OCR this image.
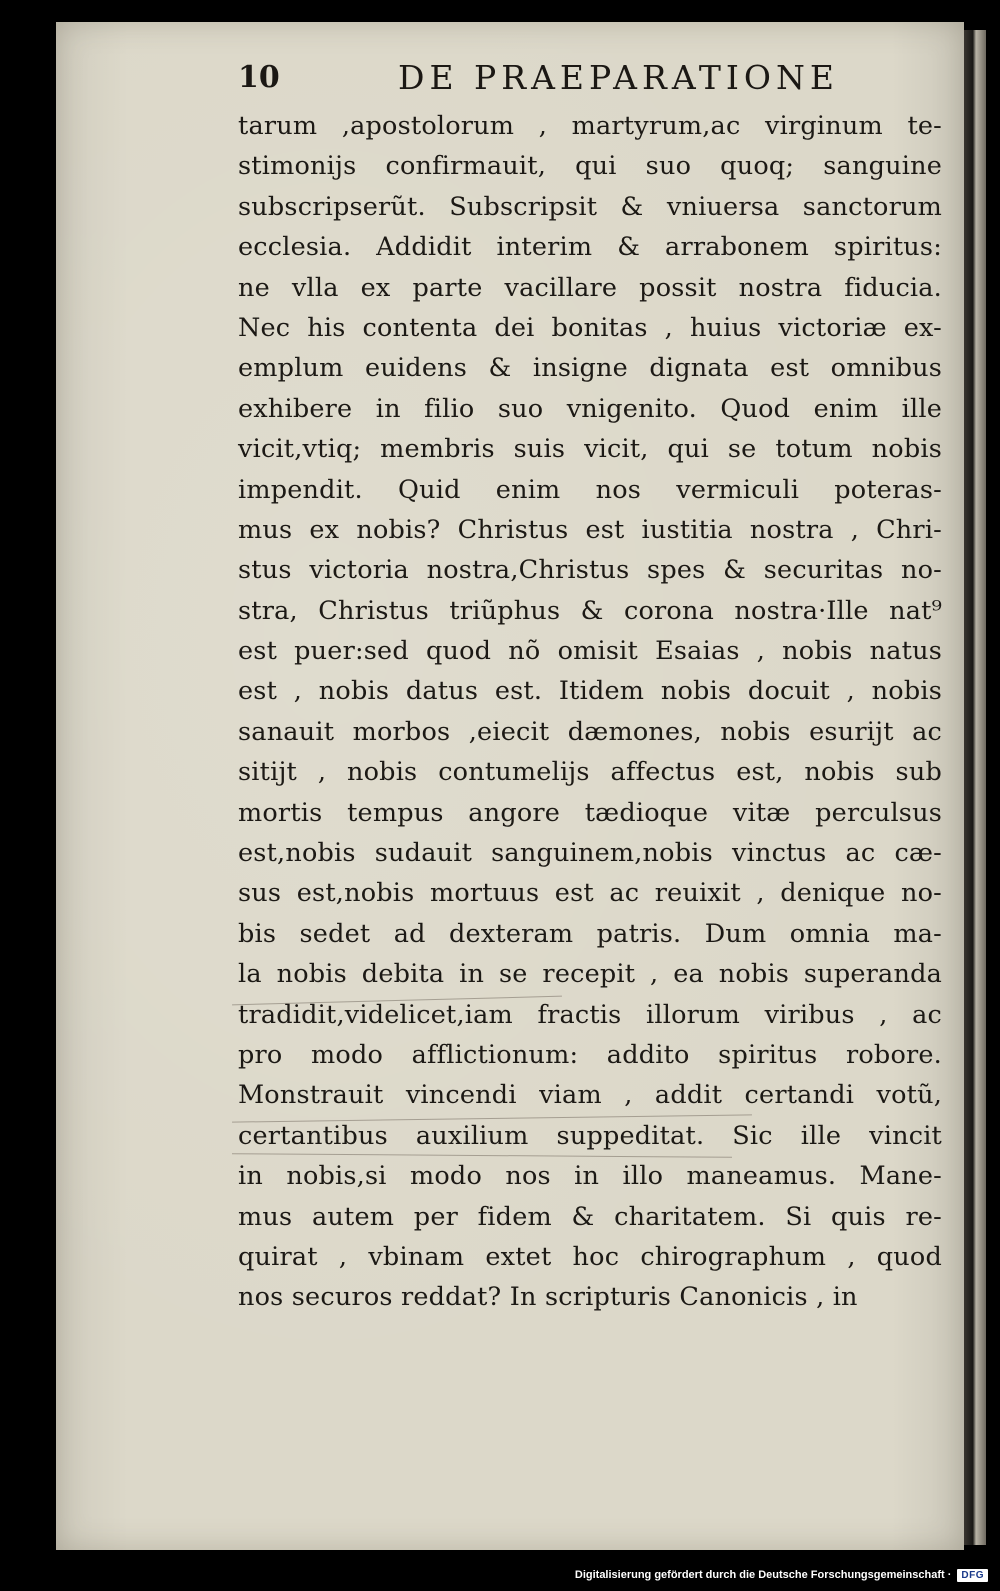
10	DE PRAEPARATIONE
tarum ,apostolorum , martyrum,ac virginum te-
stimonijs confirmauit, qui suo quoq; sanguine
subscripserũt. Subscripsit & vniuersa sanctorum
ecclesia. Addidit interim & arrabonem spiritus:
ne vlla ex parte vacillare possit nostra fiducia.
Nec his contenta dei bonitas , huius victoriæ ex-
emplum euidens & insigne dignata est omnibus
exhibere in filio suo vnigenito. Quod enim ille
vicit,vtiq; membris suis vicit, qui se totum nobis
impendit. Quid enim nos vermiculi poteras-
mus ex nobis? Christus est iustitia nostra , Chri-
stus victoria nostra,Christus spes & securitas no-
stra, Christus triũphus & corona nostra·Ille nat⁹
est puer:sed quod nõ omisit Esaias , nobis natus
est , nobis datus est. Itidem nobis docuit , nobis
sanauit morbos ,eiecit dæmones, nobis esurijt ac
sitijt , nobis contumelijs affectus est, nobis sub
mortis tempus angore tædioque vitæ perculsus
est,nobis sudauit sanguinem,nobis vinctus ac cæ-
sus est,nobis mortuus est ac reuixit , denique no-
bis sedet ad dexteram patris. Dum omnia ma-
la nobis debita in se recepit , ea nobis superanda
tradidit,videlicet,iam fractis illorum viribus , ac
pro modo afflictionum: addito spiritus robore.
Monstrauit vincendi viam , addit certandi votũ,
certantibus auxilium suppeditat. Sic ille vincit
in nobis,si modo nos in illo maneamus. Mane-
mus autem per fidem & charitatem. Si quis re-
quirat , vbinam extet hoc chirographum , quod
nos securos reddat? In scripturis Canonicis , in
Digitalisierung gefördert durch die Deutsche Forschungsgemeinschaft ·	DFG
